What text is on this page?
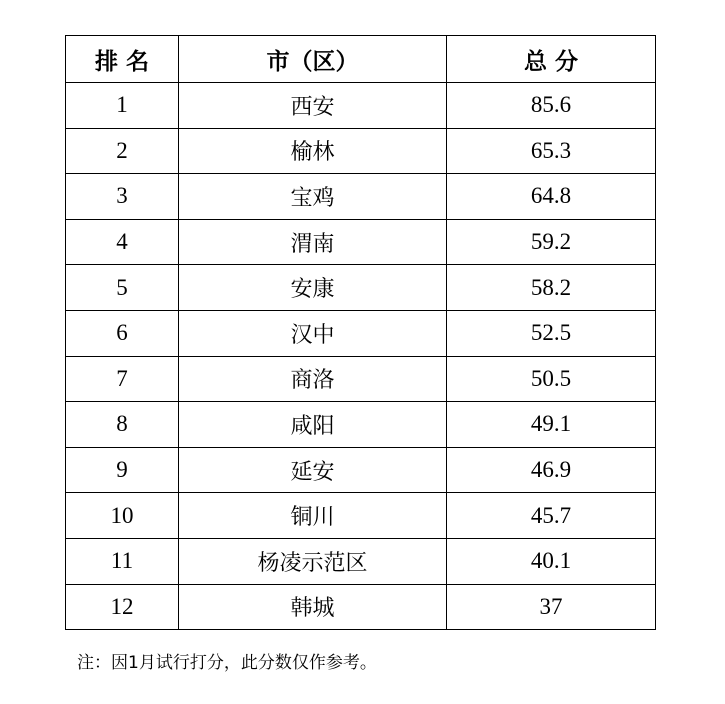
排 名	市（区）	总 分
1	西安	85.6
2	榆林	65.3
3	宝鸡	64.8
4	渭南	59.2
5	安康	58.2
6	汉中	52.5
7	商洛	50.5
8	咸阳	49.1
9	延安	46.9
10	铜川	45.7
11	杨凌示范区	40.1
12	韩城	37
注：因1月试行打分，此分数仅作参考。
